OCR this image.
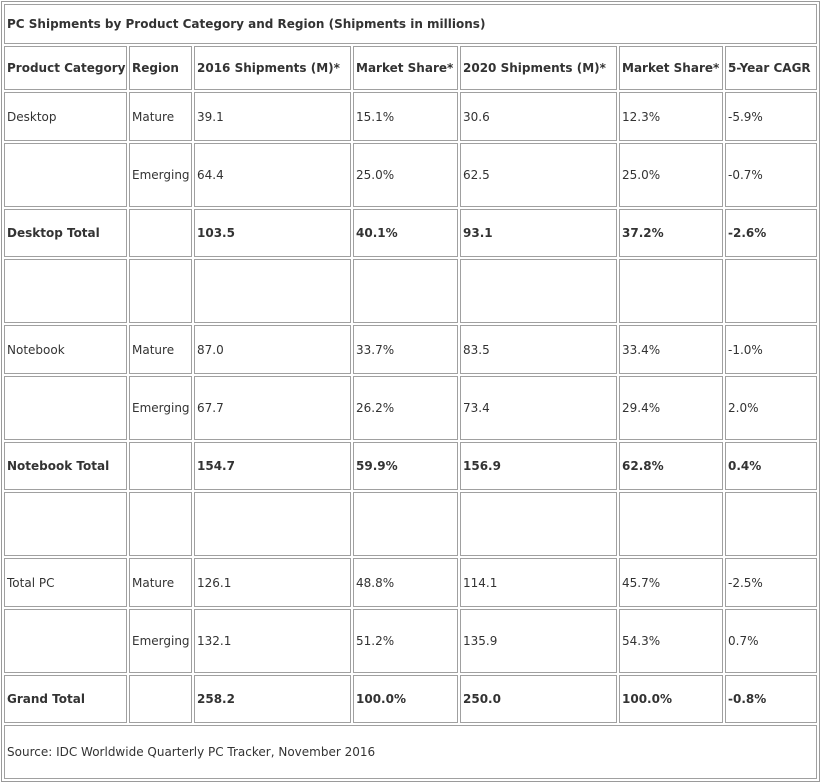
PC Shipments by Product Category and Region (Shipments in millions)						
Product Category	Region	2016 Shipments (M)*	Market Share*	2020 Shipments (M)*	Market Share*	5-Year CAGR
Desktop	Mature	39.1	15.1%	30.6	12.3%	-5.9%
	Emerging	64.4	25.0%	62.5	25.0%	-0.7%
Desktop Total		103.5	40.1%	93.1	37.2%	-2.6%

Notebook	Mature	87.0	33.7%	83.5	33.4%	-1.0%
	Emerging	67.7	26.2%	73.4	29.4%	2.0%
Notebook Total		154.7	59.9%	156.9	62.8%	0.4%

Total PC	Mature	126.1	48.8%	114.1	45.7%	-2.5%
	Emerging	132.1	51.2%	135.9	54.3%	0.7%
Grand Total		258.2	100.0%	250.0	100.0%	-0.8%
Source: IDC Worldwide Quarterly PC Tracker, November 2016						
